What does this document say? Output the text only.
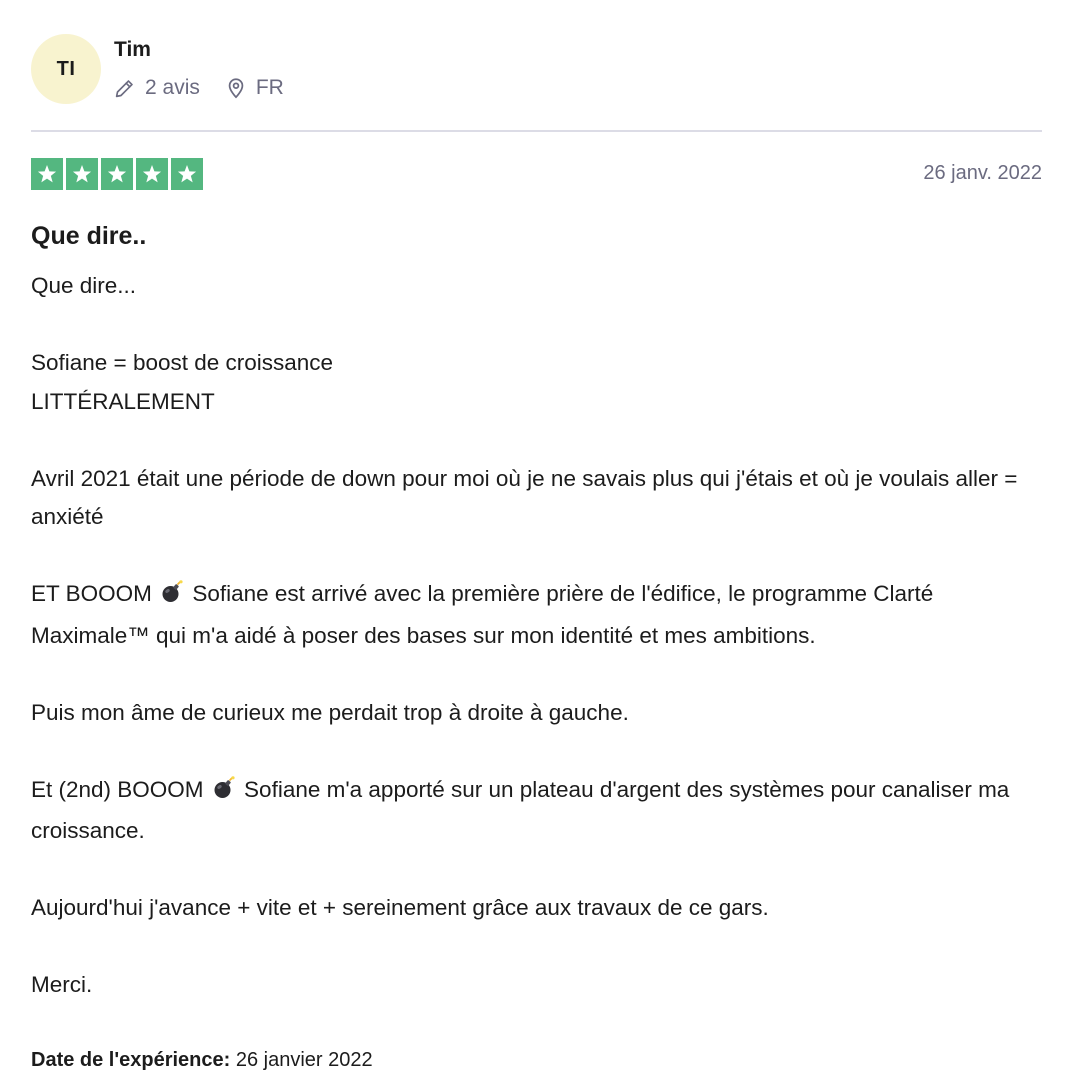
TI
Tim
2 avis	FR
26 janv. 2022
Que dire..

Que dire...

Sofiane = boost de croissance
LITTÉRALEMENT

Avril 2021 était une période de down pour moi où je ne savais plus qui j'étais et où je voulais aller = anxiété

ET BOOOM  Sofiane est arrivé avec la première prière de l'édifice, le programme Clarté Maximale™ qui m'a aidé à poser des bases sur mon identité et mes ambitions.

Puis mon âme de curieux me perdait trop à droite à gauche.

Et (2nd) BOOOM  Sofiane m'a apporté sur un plateau d'argent des systèmes pour canaliser ma croissance.

Aujourd'hui j'avance + vite et + sereinement grâce aux travaux de ce gars.

Merci.

Date de l'expérience: 26 janvier 2022
